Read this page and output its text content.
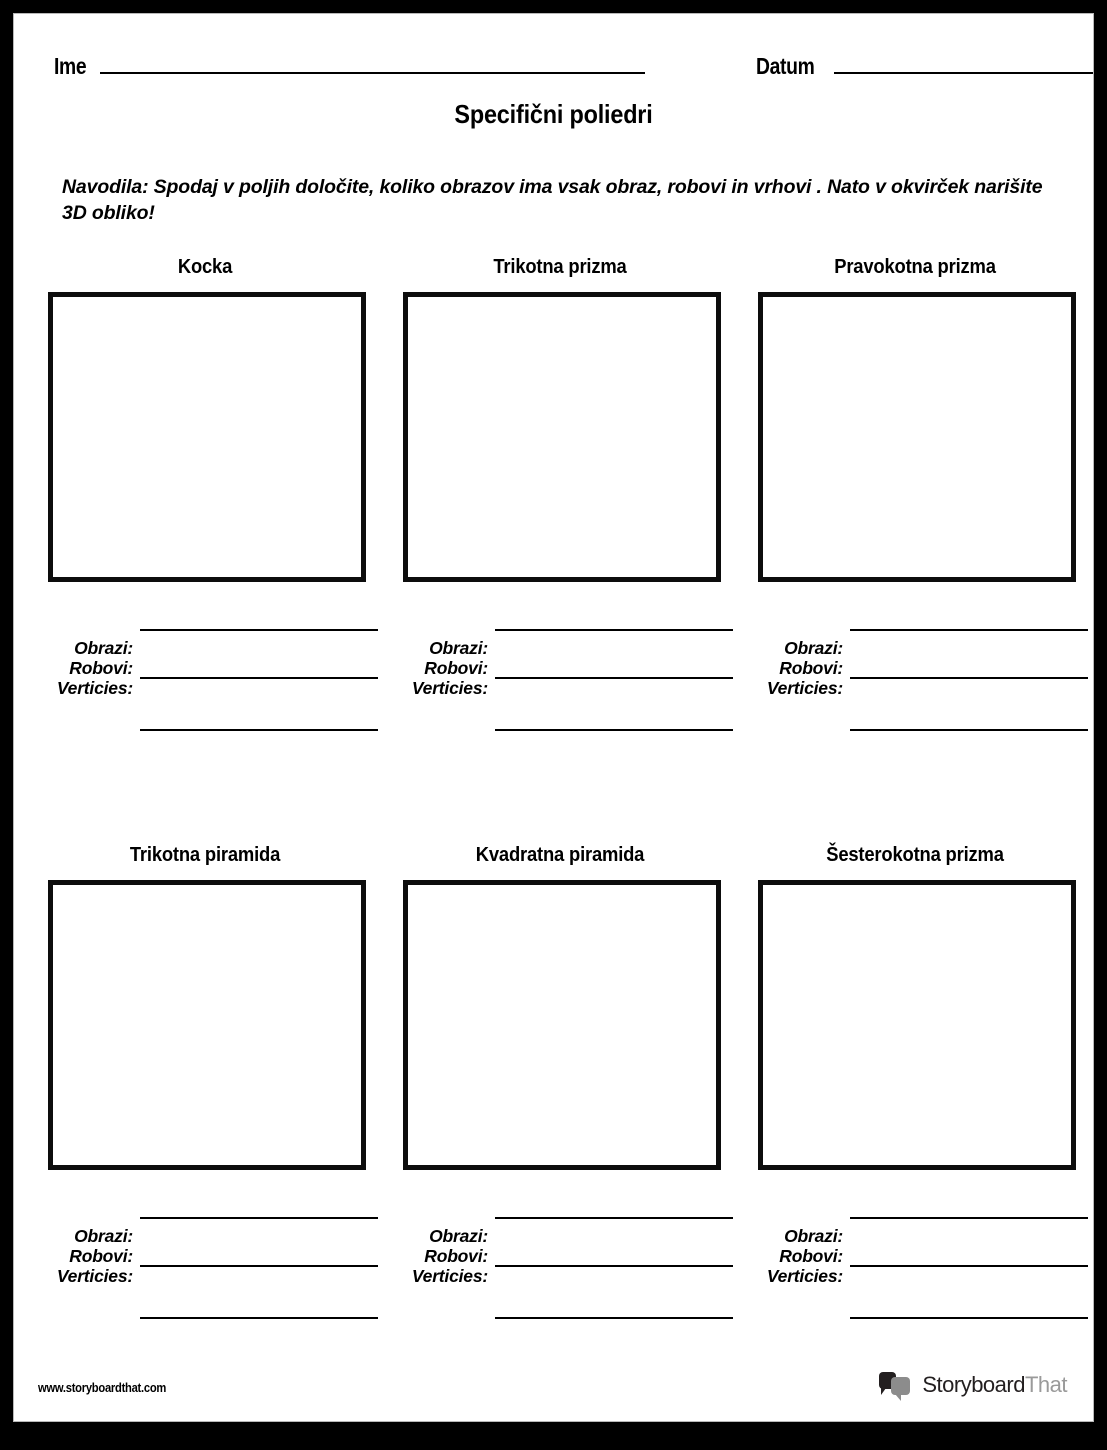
Ime	Datum
Specifični poliedri
Navodila: Spodaj v poljih določite, koliko obrazov ima vsak obraz, robovi in vrhovi . Nato v okvirček narišite 3D obliko!
Kocka
Obrazi:
Robovi:
Verticies:
Trikotna prizma
Obrazi:
Robovi:
Verticies:
Pravokotna prizma
Obrazi:
Robovi:
Verticies:
Trikotna piramida
Obrazi:
Robovi:
Verticies:
Kvadratna piramida
Obrazi:
Robovi:
Verticies:
Šesterokotna prizma
Obrazi:
Robovi:
Verticies:
www.storyboardthat.com	StoryboardThat
